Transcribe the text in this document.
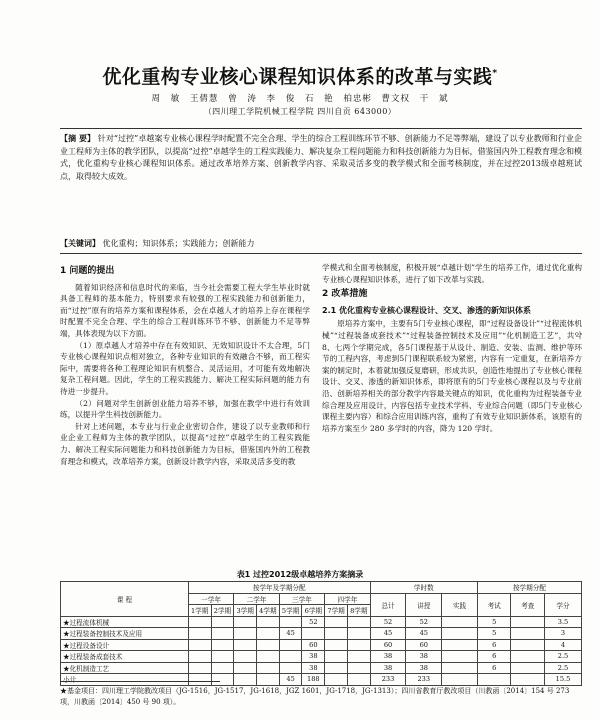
优化重构专业核心课程知识体系的改革与实践*
周 敏 王倩慧 曾 涛 李 俊 石 艳 柏忠彬 曹文权 干 斌
（四川理工学院机械工程学院 四川自贡 643000）
【摘 要】 针对“过控”卓越案专业核心课程学时配置不完全合理、学生的综合工程训练环节不够、创新能力不足等弊端，建设了以专业教师和行业企业工程师为主体的教学团队，以提高“过控”卓越学生的工程实践能力、解决复杂工程问题能力和科技创新能力为目标，借鉴国内外工程教育理念和模式，优化重构专业核心课程知识体系。通过改革培养方案、创新教学内容、采取灵活多变的教学模式和全面考核制度，并在过控2013级卓越班试点，取得较大成效。
【关键词】 优化重构；知识体系；实践能力；创新能力
1 问题的提出

随着知识经济和信息时代的来临，当今社会需要工程大学生毕业时就具备工程师的基本能力，特别要求有较强的工程实践能力和创新能力，而“过控”原有的培养方案和课程体系，会在卓越人才的培养上存在课程学时配置不完全合理、学生的综合工程训练环节不够、创新能力不足等弊端，具体表现为以下方面。

（1）原卓越人才培养中存在有效知识、无效知识设计不太合理，5门专业核心课程知识点相对独立，各种专业知识的有效融合不够，而工程实际中，需要将各种工程理论知识有机整合、灵活运用，才可能有效地解决复杂工程问题。因此，学生的工程实践能力、解决工程实际问题的能力有待进一步提升。

（2）问题对学生创新创业能力培养不够，加强在教学中进行有效训练，以提升学生科技创新能力。

针对上述问题，本专业与行业企业密切合作，建设了以专业教师和行业企业工程师为主体的教学团队，以提高“过控”卓越学生的工程实践能力、解决工程实际问题能力和科技创新能力为目标，借鉴国内外的工程教育理念和模式，改革培养方案，创新设计教学内容，采取灵活多变的教

学模式和全面考核制度，积极开展“卓越计划”学生的培养工作，通过优化重构专业核心课程知识体系，进行了如下改革与实践。

2 改革措施
2.1 优化重构专业核心课程设计、交叉、渗透的新知识体系

原培养方案中，主要有5门专业核心课程，即“过程设备设计”“过程流体机械”“过程装备成套技术”“过程装备控制技术及应用”“化机制造工艺”，共약 8、七两个学期完成，各5门课程基于从设计、制造、安装、监测、维护等环节的工程内容，考虑到5门课程联系较为紧密，内容有一定重复，在新培养方案的制定时，本着就加强反复磨研，形成共识，创造性地提出了专业核心课程设计、交叉、渗透的新知识体系，即将原有的5门专业核心课程以及与专业前沿、创新培养相关的部分教学内容最关键点的知识，优化重构为过程装备专业综合理及应用设计，内容包括专业技术学科、专业综合问题（即5门专业核心课程主要内容）和综合应用训练内容，重构了有效专业知识新体系，该原有的培养方案至少 280 多学时的内容，降为 120 学时。

表1 过控2012级卓越培养方案摘录
课 程	按学年及学期分配								学时数			按学期分配		
	一学年		二学年		三学年		四学年		总计	讲授	实践	考试	考查	学分
	1学期	2学期	3学期	4学期	5学期	6学期	7学期	8学期						
★过程流体机械						52			52	52		5		3.5
★过程装备控制技术及应用					45				45	45		5		3
★过程设备设计						60			60	60		6		4
★过程装备成套技术						38			38	38		6		2.5
★化机制造工艺						38			38	38		6		2.5
小计					45	188			233	233				15.5
★基金项目：四川理工学院教改项目（JG-1516，JG-1517，JG-1618，JGZ 1601，JG-1718，JG-1313）；四川省教育厅教改项目（川教函〔2014〕154 号 273 项，川教函〔2014〕450 号 90 项）。
